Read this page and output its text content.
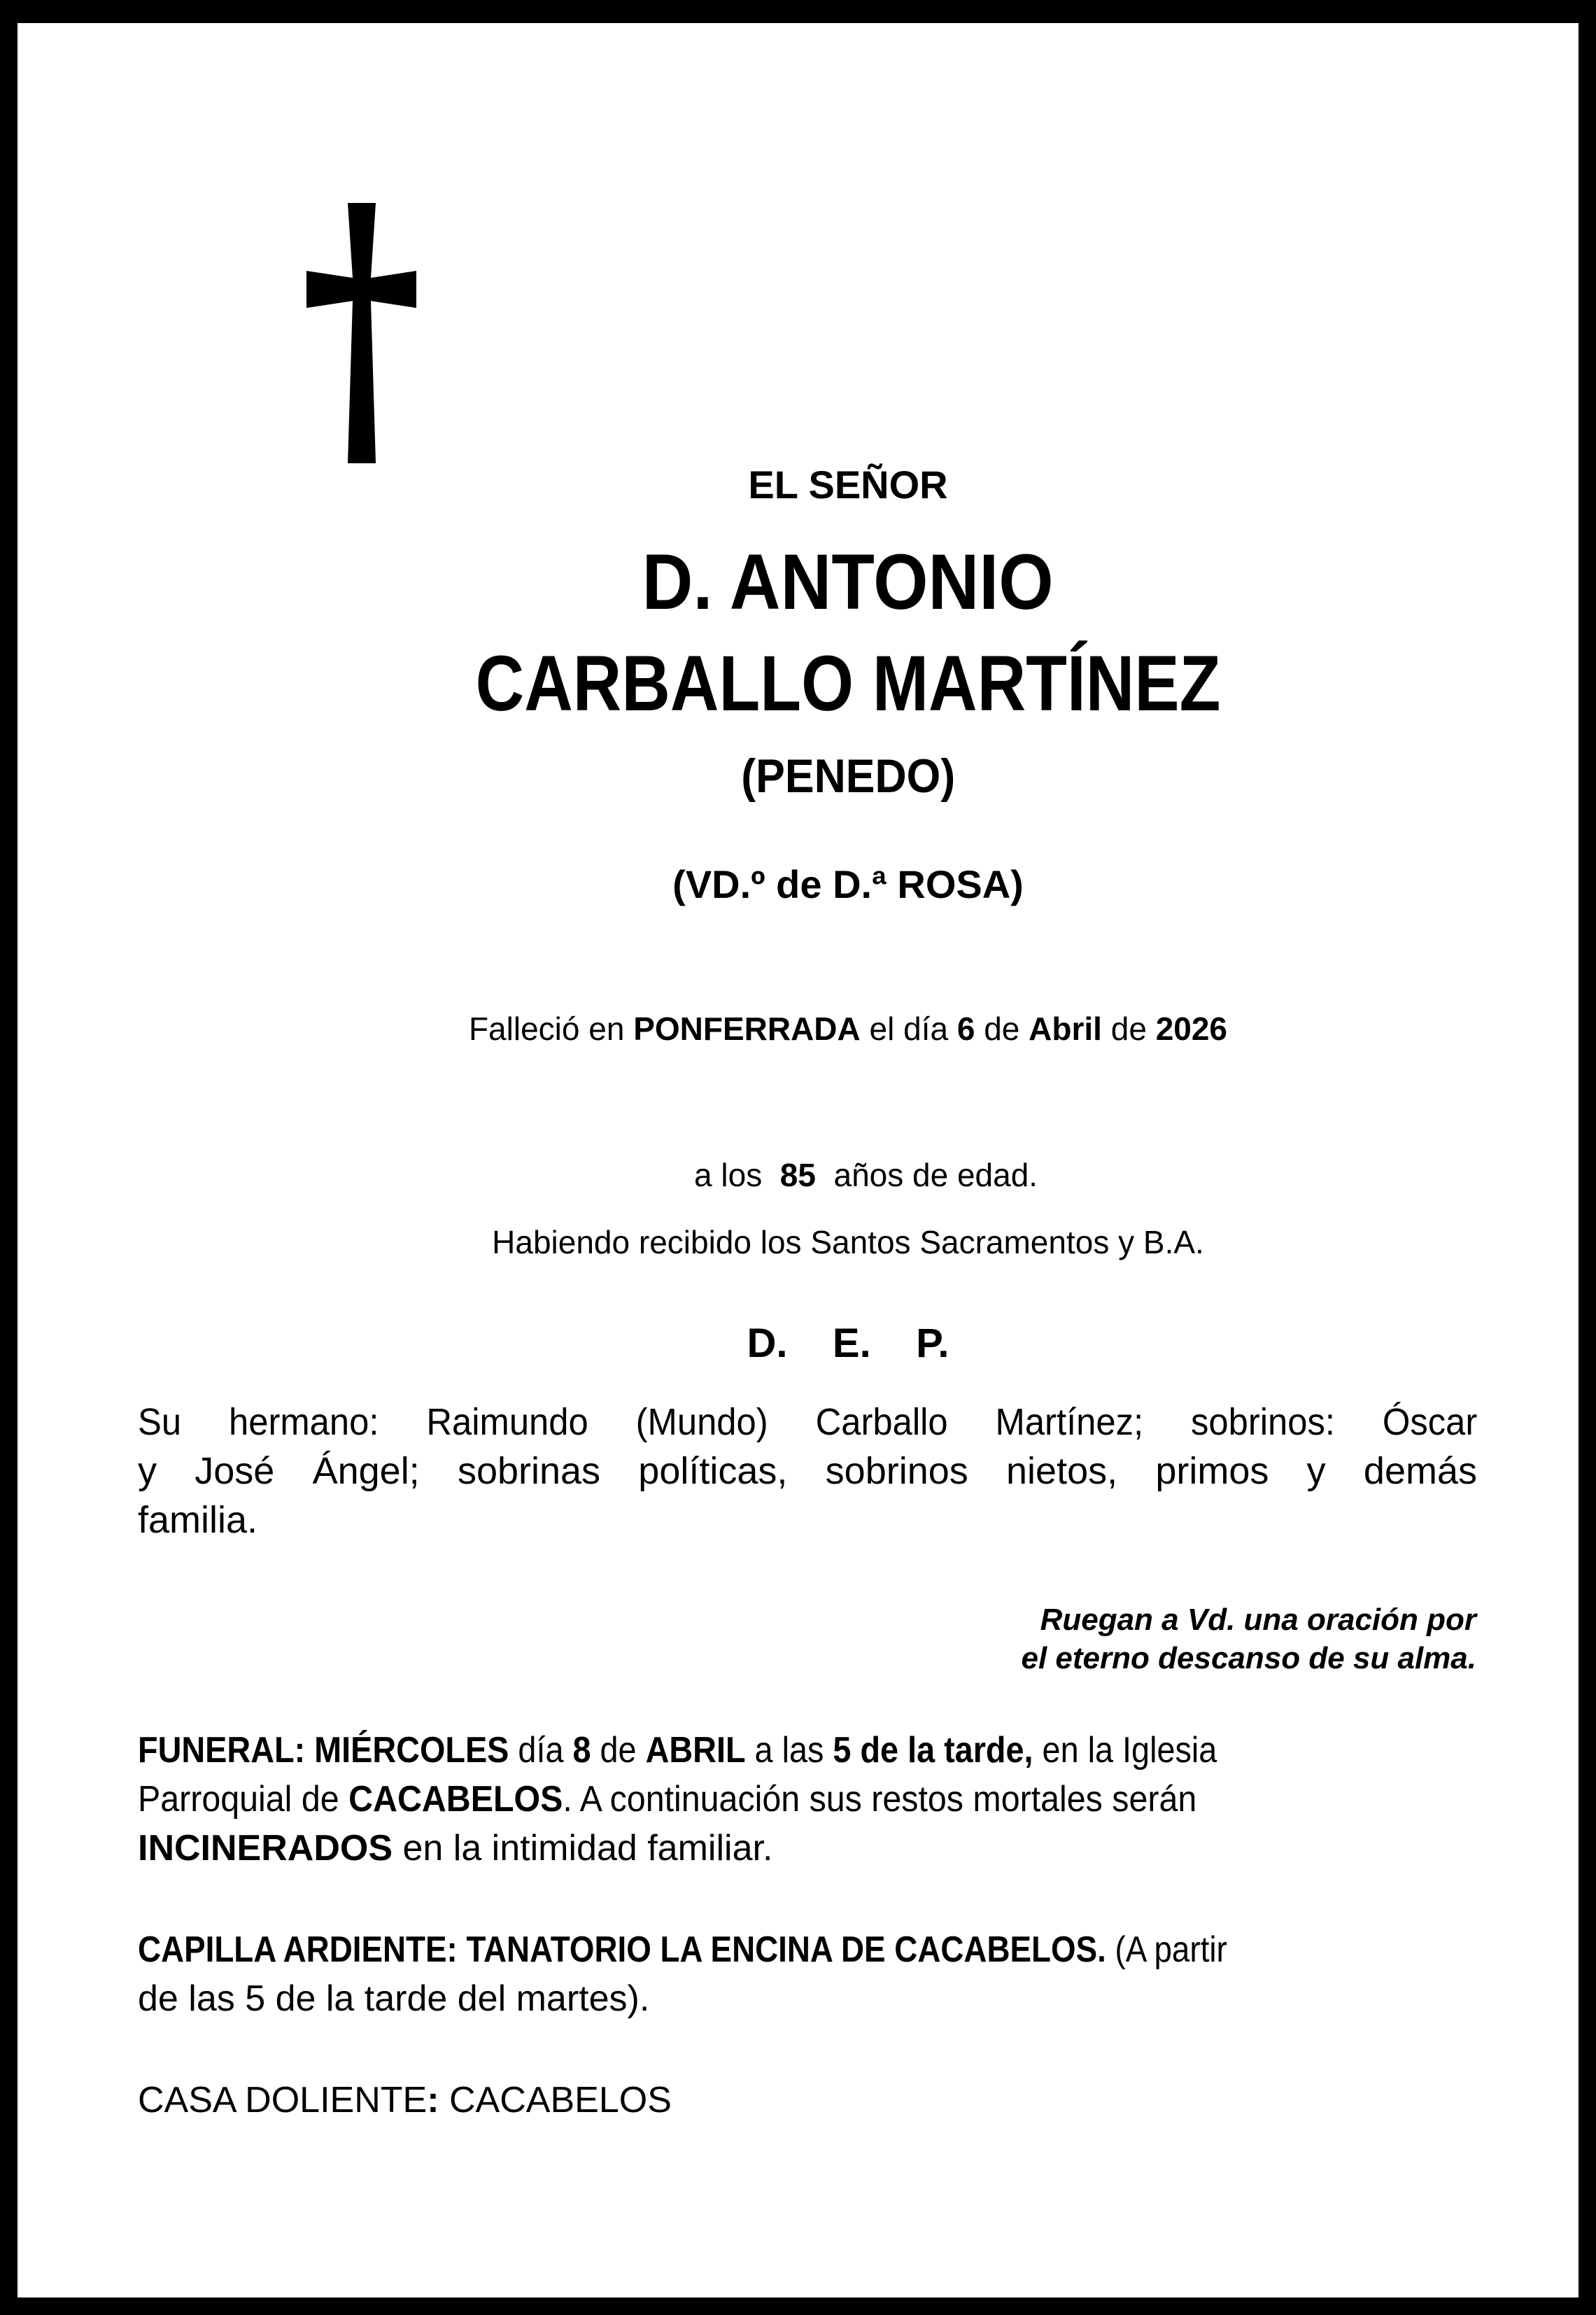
EL SEÑOR
D. ANTONIO
CARBALLO MARTÍNEZ
(PENEDO)
(VD.º de D.ª ROSA)
Falleció en PONFERRADA el día 6 de Abril de 2026

a los  85  años de edad.

Habiendo recibido los Santos Sacramentos y B.A.
D.    E.    P.
Su hermano: Raimundo (Mundo) Carballo Martínez; sobrinos: Óscar
y José Ángel; sobrinas políticas, sobrinos nietos, primos y demás
familia.
Ruegan a Vd. una oración por
el eterno descanso de su alma.
FUNERAL: MIÉRCOLES día 8 de ABRIL a las 5 de la tarde, en la Iglesia
Parroquial de CACABELOS. A continuación sus restos mortales serán
INCINERADOS en la intimidad familiar.
CAPILLA ARDIENTE: TANATORIO LA ENCINA DE CACABELOS. (A partir
de las 5 de la tarde del martes).
CASA DOLIENTE: CACABELOS
